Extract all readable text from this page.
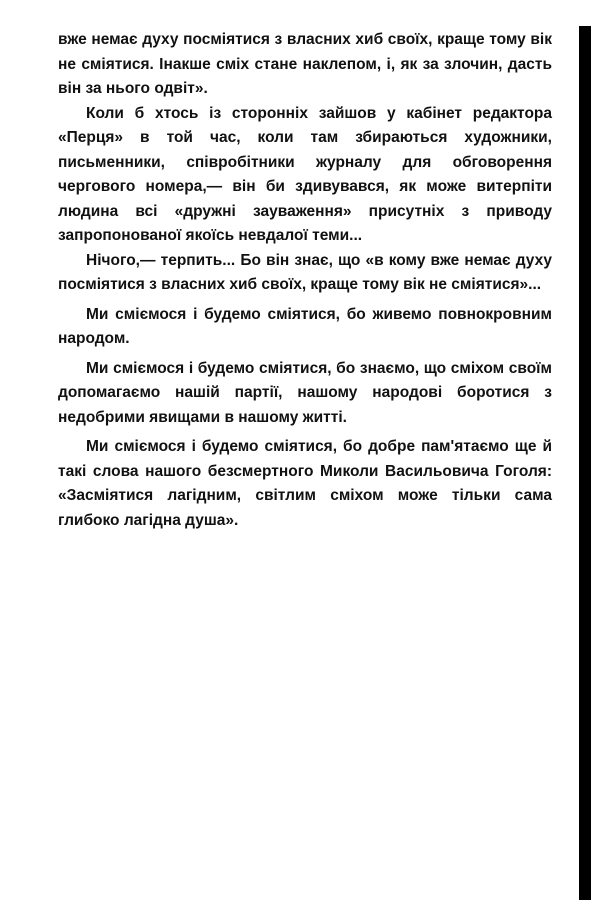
вже немає духу посміятися з власних хиб своїх, краще тому вік не сміятися. Інакше сміх стане наклепом, і, як за злочин, дасть він за нього одвіт».

Коли б хтось із сторонніх зайшов у кабінет редактора «Перця» в той час, коли там збираються художники, письменники, співробітники журналу для обговорення чергового номера,— він би здивувався, як може витерпіти людина всі «дружні зауваження» присутніх з приводу запропонованої якоїсь невдалої теми...

Нічого,— терпить... Бо він знає, що «в кому вже немає духу посміятися з власних хиб своїх, краще тому вік не сміятися»...

Ми сміємося і будемо сміятися, бо живемо повнокровним народом.

Ми сміємося і будемо сміятися, бо знаємо, що сміхом своїм допомагаємо нашій партії, нашому народові боротися з недобрими явищами в нашому житті.

Ми сміємося і будемо сміятися, бо добре пам'ятаємо ще й такі слова нашого безсмертного Миколи Васильовича Гоголя: «Засміятися лагідним, світлим сміхом може тільки сама глибоко лагідна душа».
